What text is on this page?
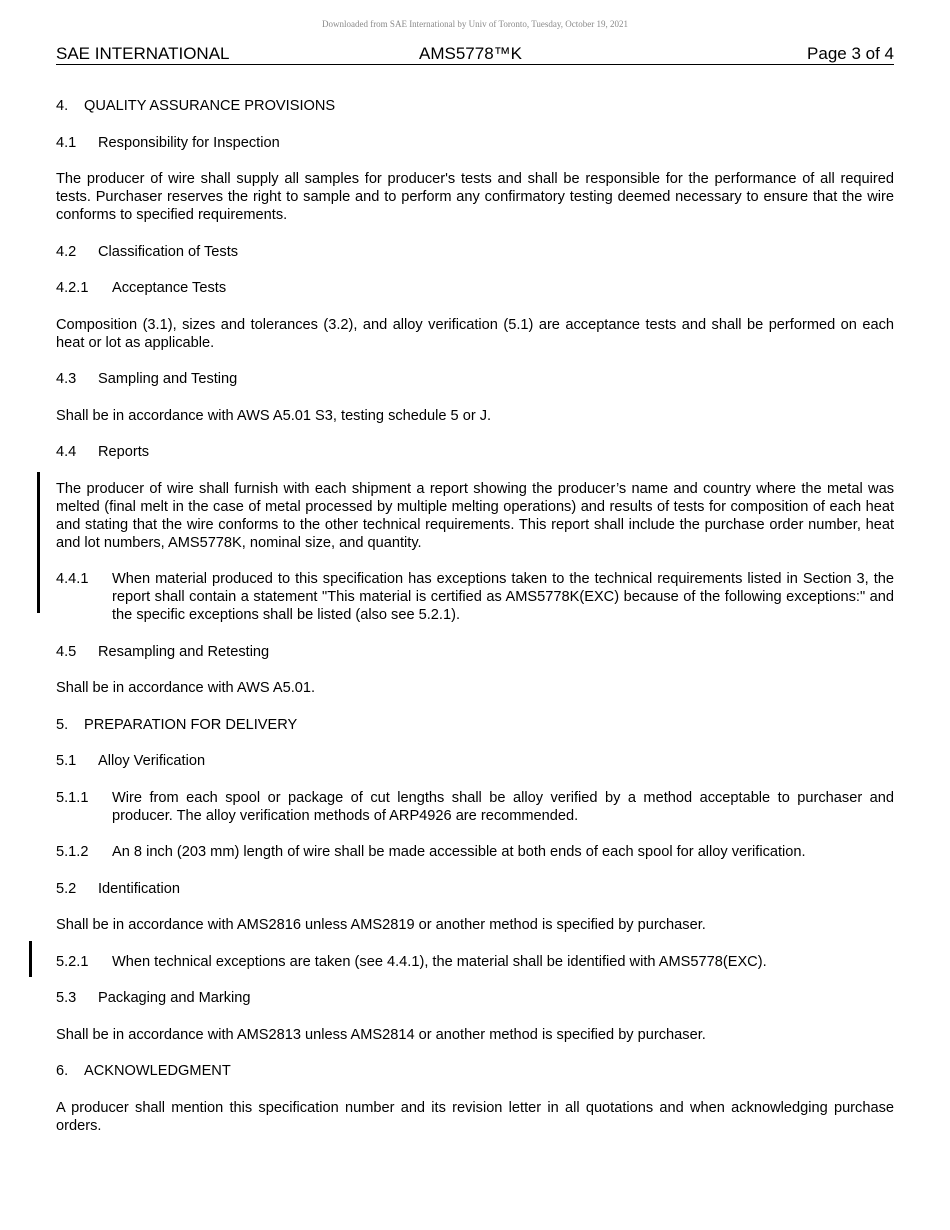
Downloaded from SAE International by Univ of Toronto, Tuesday, October 19, 2021
SAE INTERNATIONAL	AMS5778™K	Page 3 of 4
4. QUALITY ASSURANCE PROVISIONS
4.1 Responsibility for Inspection

The producer of wire shall supply all samples for producer's tests and shall be responsible for the performance of all required tests. Purchaser reserves the right to sample and to perform any confirmatory testing deemed necessary to ensure that the wire conforms to specified requirements.

4.2 Classification of Tests
4.2.1 Acceptance Tests

Composition (3.1), sizes and tolerances (3.2), and alloy verification (5.1) are acceptance tests and shall be performed on each heat or lot as applicable.

4.3 Sampling and Testing

Shall be in accordance with AWS A5.01 S3, testing schedule 5 or J.

4.4 Reports

The producer of wire shall furnish with each shipment a report showing the producer’s name and country where the metal was melted (final melt in the case of metal processed by multiple melting operations) and results of tests for composition of each heat and stating that the wire conforms to the other technical requirements. This report shall include the purchase order number, heat and lot numbers, AMS5778K, nominal size, and quantity.

4.4.1 When material produced to this specification has exceptions taken to the technical requirements listed in Section 3, the report shall contain a statement "This material is certified as AMS5778K(EXC) because of the following exceptions:" and the specific exceptions shall be listed (also see 5.2.1).

4.5 Resampling and Retesting

Shall be in accordance with AWS A5.01.

5. PREPARATION FOR DELIVERY
5.1 Alloy Verification

5.1.1 Wire from each spool or package of cut lengths shall be alloy verified by a method acceptable to purchaser and producer. The alloy verification methods of ARP4926 are recommended.

5.1.2 An 8 inch (203 mm) length of wire shall be made accessible at both ends of each spool for alloy verification.

5.2 Identification

Shall be in accordance with AMS2816 unless AMS2819 or another method is specified by purchaser.

5.2.1 When technical exceptions are taken (see 4.4.1), the material shall be identified with AMS5778(EXC).

5.3 Packaging and Marking

Shall be in accordance with AMS2813 unless AMS2814 or another method is specified by purchaser.

6. ACKNOWLEDGMENT

A producer shall mention this specification number and its revision letter in all quotations and when acknowledging purchase orders.
